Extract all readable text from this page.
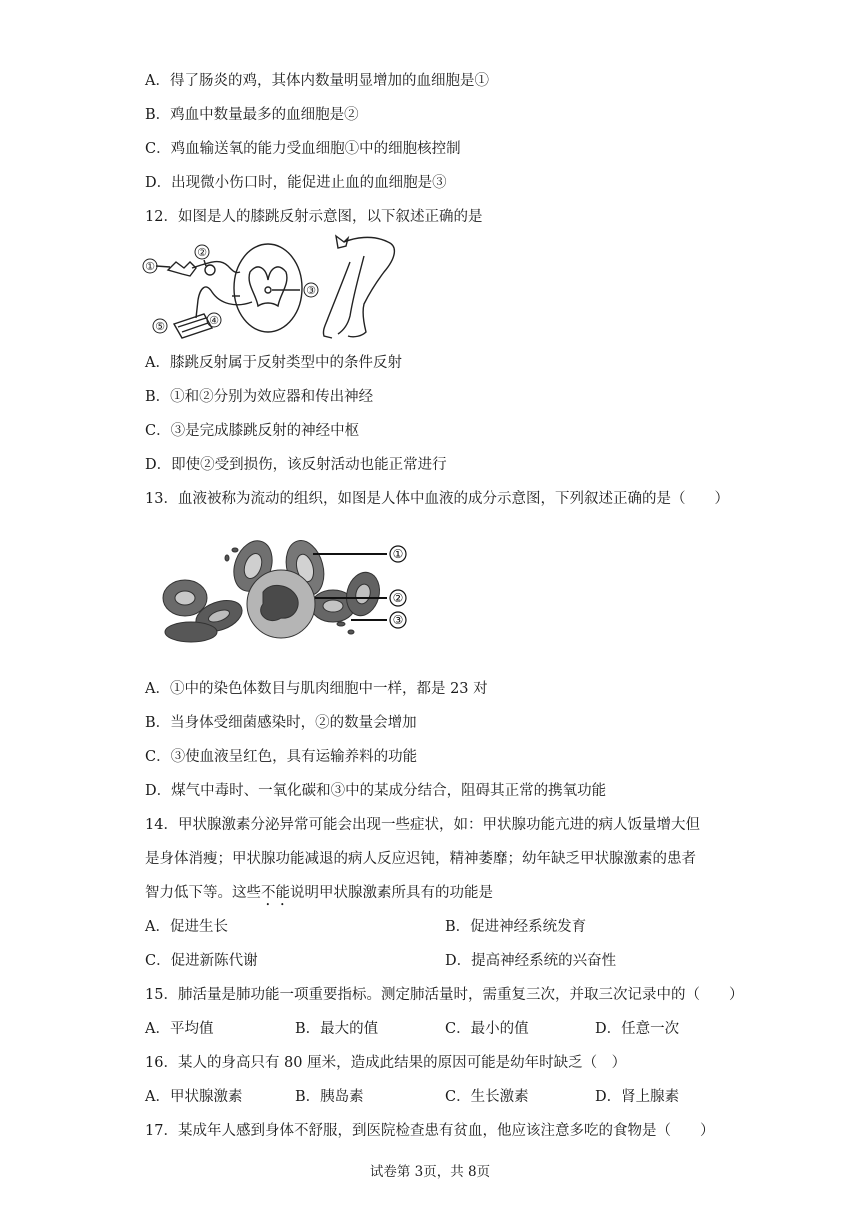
A．得了肠炎的鸡，其体内数量明显增加的血细胞是①
B．鸡血中数量最多的血细胞是②
C．鸡血输送氧的能力受血细胞①中的细胞核控制
D．出现微小伤口时，能促进止血的血细胞是③
12．如图是人的膝跳反射示意图，以下叙述正确的是
①
②
③
④
⑤
A．膝跳反射属于反射类型中的条件反射
B．①和②分别为效应器和传出神经
C．③是完成膝跳反射的神经中枢
D．即使②受到损伤，该反射活动也能正常进行
13．血液被称为流动的组织，如图是人体中血液的成分示意图，下列叙述正确的是（　　）
①
②
③
A．①中的染色体数目与肌肉细胞中一样，都是 23 对
B．当身体受细菌感染时，②的数量会增加
C．③使血液呈红色，具有运输养料的功能
D．煤气中毒时、一氧化碳和③中的某成分结合，阻碍其正常的携氧功能
14．甲状腺激素分泌异常可能会出现一些症状，如：甲状腺功能亢进的病人饭量增大但
是身体消瘦；甲状腺功能减退的病人反应迟钝，精神萎靡；幼年缺乏甲状腺激素的患者
智力低下等。这些不能说明甲状腺激素所具有的功能是
A．促进生长	B．促进神经系统发育
C．促进新陈代谢	D．提高神经系统的兴奋性
15．肺活量是肺功能一项重要指标。测定肺活量时，需重复三次，并取三次记录中的（　　）
A．平均值	B．最大的值	C．最小的值	D．任意一次
16．某人的身高只有 80 厘米，造成此结果的原因可能是幼年时缺乏（　）
A．甲状腺激素	B．胰岛素	C．生长激素	D．肾上腺素
17．某成年人感到身体不舒服，到医院检查患有贫血，他应该注意多吃的食物是（　　）
试卷第 3页，共 8页
